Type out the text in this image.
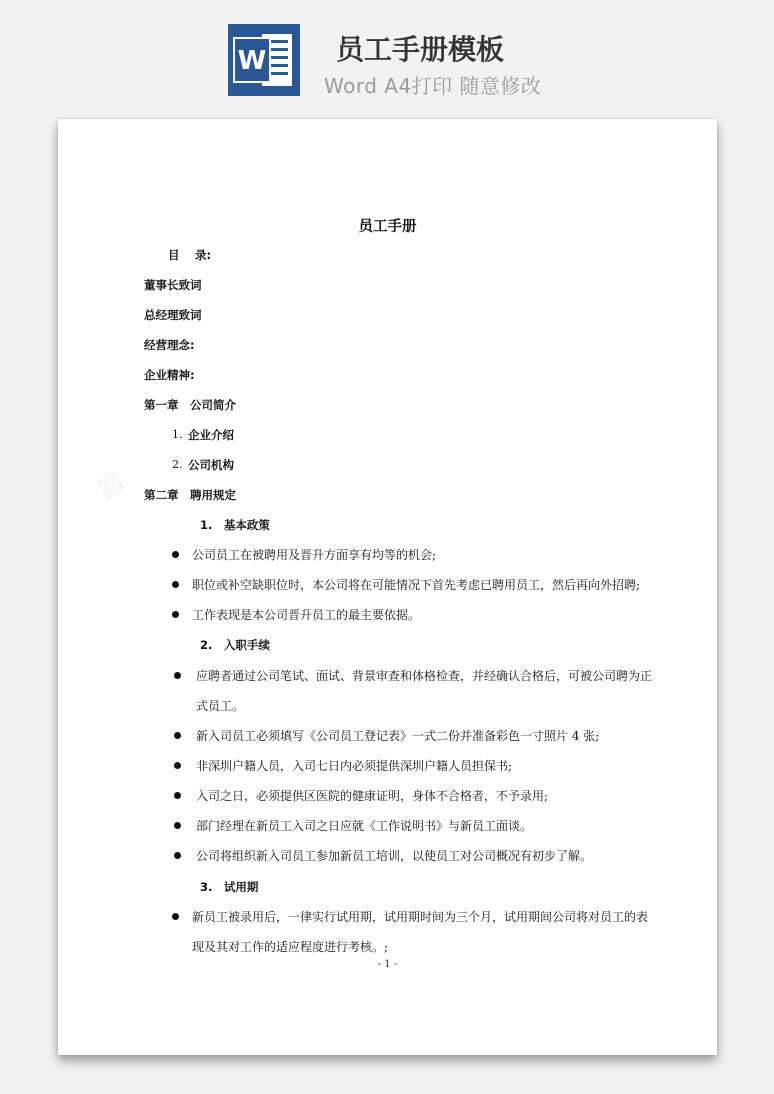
W	员工手册模板
Word A4打印 随意修改
▨
员工手册
目　 录:
董事长致词
总经理致词
经营理念:
企业精神:
第一章　公司简介
1. 企业介绍
2. 公司机构
第二章　聘用规定
1.　基本政策
公司员工在被聘用及晋升方面享有均等的机会;
职位或补空缺职位时，本公司将在可能情况下首先考虑已聘用员工，然后再向外招聘;
工作表现是本公司晋升员工的最主要依据。
2.　入职手续
应聘者通过公司笔试、面试、背景审查和体格检查，并经确认合格后，可被公司聘为正
式员工。
新入司员工必须填写《公司员工登记表》一式二份并准备彩色一寸照片 4 张;
非深圳户籍人员，入司七日内必须提供深圳户籍人员担保书;
入司之日，必须提供区医院的健康证明，身体不合格者，不予录用;
部门经理在新员工入司之日应就《工作说明书》与新员工面谈。
公司将组织新入司员工参加新员工培训，以使员工对公司概况有初步了解。
3.　试用期
新员工被录用后，一律实行试用期，试用期时间为三个月，试用期间公司将对员工的表
现及其对工作的适应程度进行考核。;
- 1 -
